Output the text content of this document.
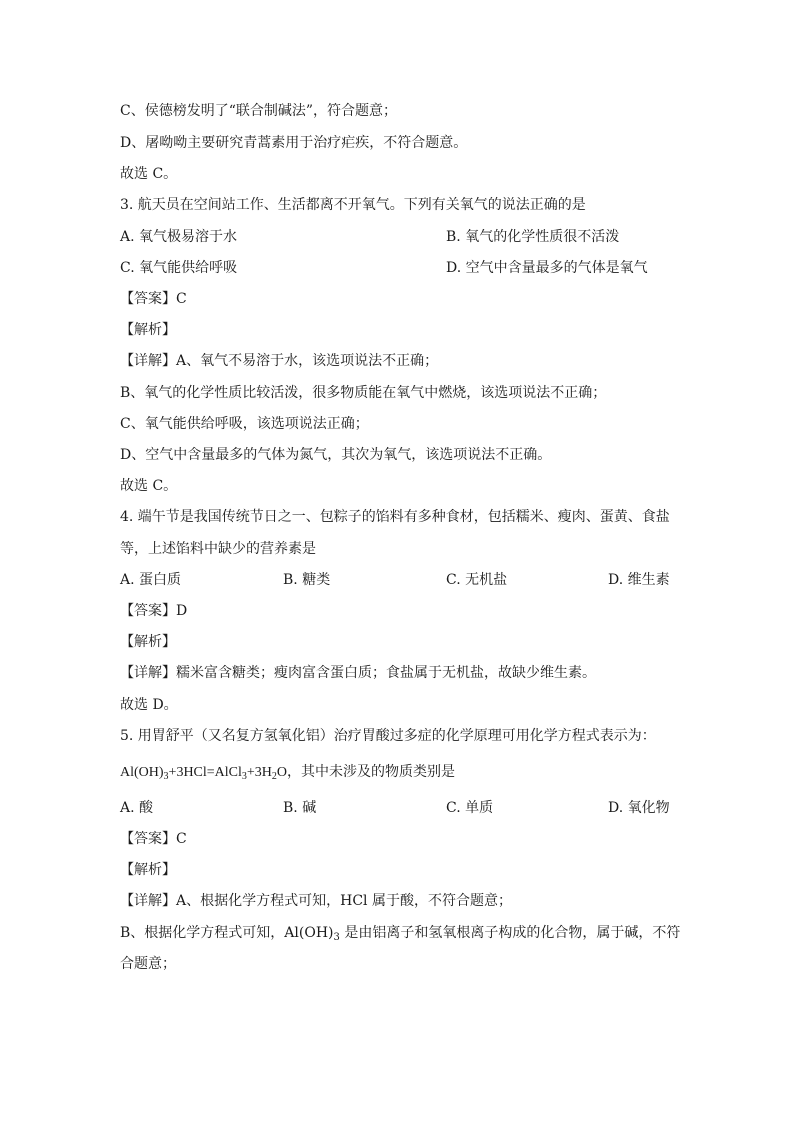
C、侯德榜发明了“联合制碱法”，符合题意；
D、屠呦呦主要研究青蒿素用于治疗疟疾，不符合题意。
故选 C。
3. 航天员在空间站工作、生活都离不开氧气。下列有关氧气的说法正确的是
A. 氧气极易溶于水	B. 氧气的化学性质很不活泼
C. 氧气能供给呼吸	D. 空气中含量最多的气体是氧气
【答案】C
【解析】
【详解】A、氧气不易溶于水，该选项说法不正确；
B、氧气的化学性质比较活泼，很多物质能在氧气中燃烧，该选项说法不正确；
C、氧气能供给呼吸，该选项说法正确；
D、空气中含量最多的气体为氮气，其次为氧气，该选项说法不正确。
故选 C。
4. 端午节是我国传统节日之一、包粽子的馅料有多种食材，包括糯米、瘦肉、蛋黄、食盐
等，上述馅料中缺少的营养素是
A. 蛋白质	B. 糖类	C. 无机盐	D. 维生素
【答案】D
【解析】
【详解】糯米富含糖类；瘦肉富含蛋白质；食盐属于无机盐，故缺少维生素。
故选 D。
5. 用胃舒平（又名复方氢氧化铝）治疗胃酸过多症的化学原理可用化学方程式表示为：
$Al(OH)_3+3HCl=AlCl_3+3H_2O$，其中未涉及的物质类别是
A. 酸	B. 碱	C. 单质	D. 氧化物
【答案】C
【解析】
【详解】A、根据化学方程式可知，HCl 属于酸，不符合题意；
B、根据化学方程式可知，$Al(OH)_3$ 是由铝离子和氢氧根离子构成的化合物，属于碱，不符
合题意；
